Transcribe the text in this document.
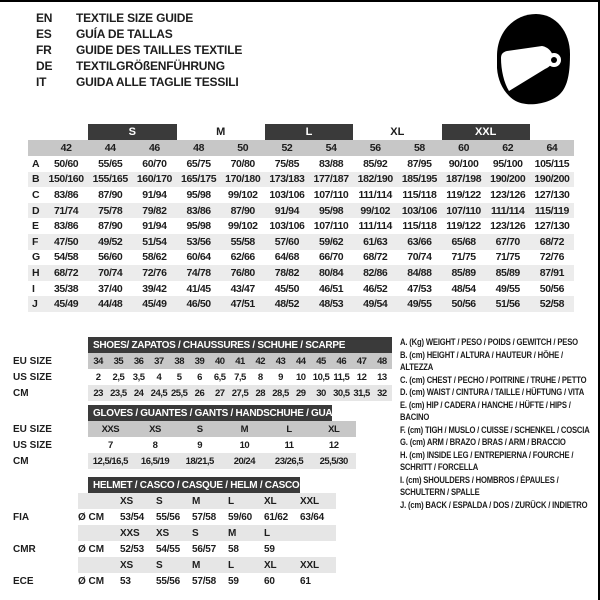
EN	TEXTILE SIZE GUIDE
ES	GUÍA DE TALLAS
FR	GUIDE DES TAILLES TEXTILE
DE	TEXTILGRÖßENFÜHRUNG
IT	GUIDA ALLE TAGLIE TESSILI
S	M	L	XL	XXL
42	44	46	48	50	52	54	56	58	60	62	64
A	50/60	55/65	60/70	65/75	70/80	75/85	83/88	85/92	87/95	90/100	95/100	105/115
B 150/160 155/165 160/170 165/175 170/180 173/183 177/187 182/190 185/195 187/198 190/200 190/200
C	83/86	87/90	91/94	95/98	99/102	103/106 107/110 111/114 115/118 119/122 123/126 127/130
D	71/74	75/78	79/82	83/86	87/90	91/94	95/98	99/102	103/106 107/110 111/114 115/119
E	83/86	87/90	91/94	95/98	99/102	103/106 107/110 111/114 115/118 119/122 123/126 127/130
F	47/50	49/52	51/54	53/56	55/58	57/60	59/62	61/63	63/66	65/68	67/70	68/72
G	54/58	56/60	58/62	60/64	62/66	64/68	66/70	68/72	70/74	71/75	71/75	72/76
H	68/72	70/74	72/76	74/78	76/80	78/82	80/84	82/86	84/88	85/89	85/89	87/91
I	35/38	37/40	39/42	41/45	43/47	45/50	46/51	46/52	47/53	48/54	49/55	50/56
J	45/49	44/48	45/49	46/50	47/51	48/52	48/53	49/54	49/55	50/56	51/56	52/58
SHOES/ ZAPATOS / CHAUSSURES / SCHUHE / SCARPE
EU SIZE	34	35	36	37	38	39	40	41	42	43	44	45	46	47	48
US SIZE	2	2,5 3,5	4	5	6	6,5 7,5	8	9	10 10,5 11,5 12	13
CM	23 23,5 24 24,5 25,5 26	27 27,5 28 28,5 29	30 30,5 31,5 32
GLOVES / GUANTES / GANTS / HANDSCHUHE / GUANTI
EU SIZE	XXS	XS	S	M	L	XL
US SIZE	7	8	9	10	11	12
CM	12,5/16,5	16,5/19	18/21,5	20/24	23/26,5	25,5/30
HELMET / CASCO / CASQUE / HELM / CASCO
XS	S	M	L	XL	XXL
FIA	Ø CM	53/54	55/56	57/58	59/60	61/62	63/64
XXS	XS	S	M	L
CMR	Ø CM	52/53	54/55	56/57	58	59
XS	S	M	L	XL	XXL
ECE	Ø CM	53	55/56	57/58	59	60	61
A. (Kg) WEIGHT / PESO / POIDS / GEWITCH / PESO
B. (cm) HEIGHT / ALTURA / HAUTEUR / HÖHE / ALTEZZA
C. (cm) CHEST / PECHO / POITRINE / TRUHE / PETTO
D. (cm) WAIST / CINTURA / TAILLE / HÜFTUNG / VITA
E. (cm) HIP / CADERA / HANCHE / HÜFTE / HIPS / BACINO
F. (cm) TIGH / MUSLO / CUISSE / SCHENKEL / COSCIA
G. (cm) ARM / BRAZO / BRAS / ARM / BRACCIO
H. (cm) INSIDE LEG / ENTREPIERNA / FOURCHE / SCHRITT / FORCELLA
I. (cm) SHOULDERS / HOMBROS / ÉPAULES / SCHULTERN / SPALLE
J. (cm) BACK / ESPALDA / DOS / ZURÜCK / INDIETRO
